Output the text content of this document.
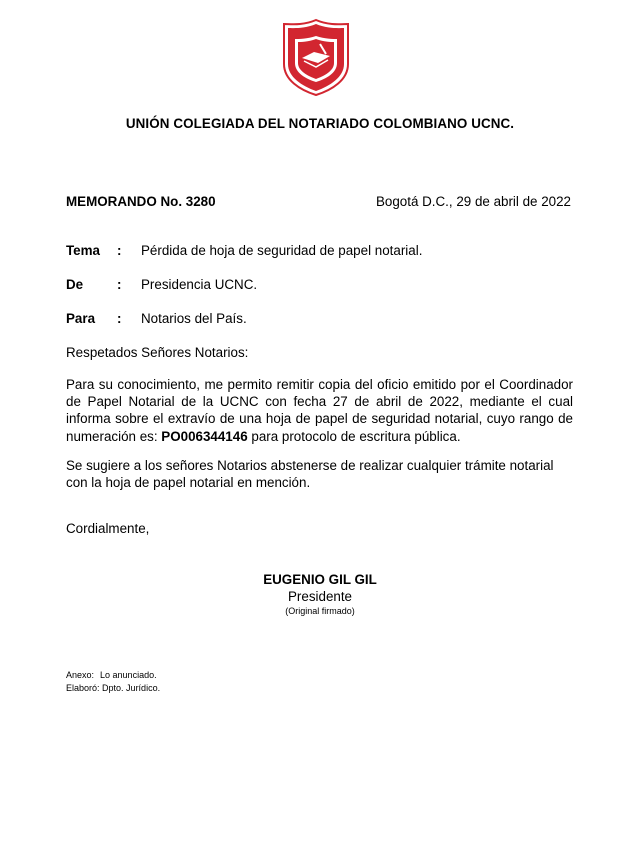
U.C.N.C.
UNIÓN COLEGIADA DEL NOTARIADO COLOMBIANO UCNC.
MEMORANDO No. 3280	Bogotá D.C., 29 de abril de 2022
Tema : Pérdida de hoja de seguridad de papel notarial.
De	: Presidencia UCNC.
Para : Notarios del País.
Respetados Señores Notarios:
Para su conocimiento, me permito remitir copia del oficio emitido por el Coordinador de Papel Notarial de la UCNC con fecha 27 de abril de 2022, mediante el cual informa sobre el extravío de una hoja de papel de seguridad notarial, cuyo rango de numeración es: PO006344146 para protocolo de escritura pública.
Se sugiere a los señores Notarios abstenerse de realizar cualquier trámite notarial con la hoja de papel notarial en mención.
Cordialmente,
EUGENIO GIL GIL
Presidente
(Original firmado)
Anexo: Lo anunciado.
Elaboró: Dpto. Jurídico.
